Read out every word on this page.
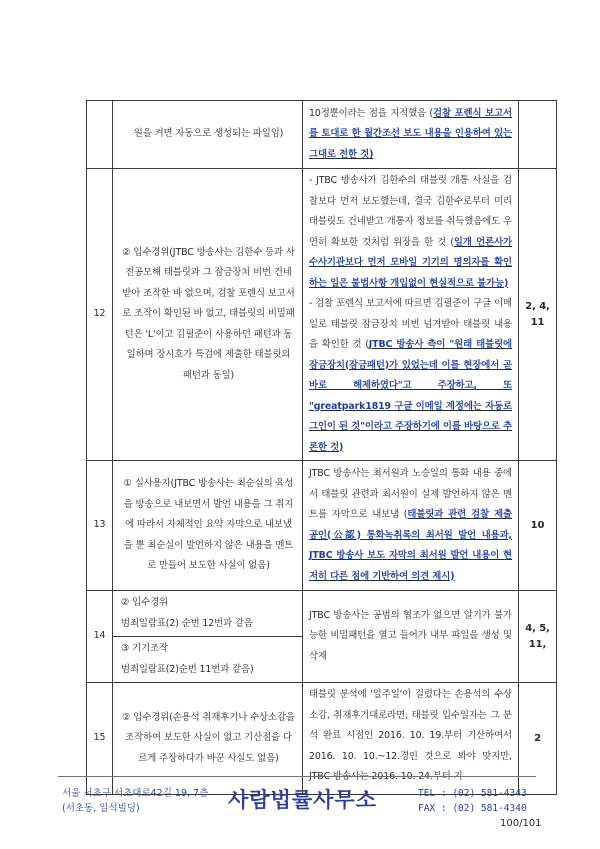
	원을 켜면 자동으로 생성되는 파일임)	10정뿐이라는 점을 지적했음 (검찰 포렌식 보고서를 토대로 한 월간조선 보도 내용을 인용하여 있는 그대로 전한 것)	
12	② 입수경위(JTBC 방송사는 김한수 등과 사전공모해 태블릿과 그 잠금장치 비번 건네받아 조작한 바 없으며, 검찰 포렌식 보고서로 조작이 확인된 바 없고, 태블릿의 비밀패턴은 'L'이고 김필준이 사용하던 패턴과 동일하며 장시호가 특검에 제출한 태블릿의 패턴과 동일)	- JTBC 방송사가 김한수의 태블릿 개통 사실을 검찰보다 먼저 보도했는데, 결국 김한수로부터 미리 태블릿도 건네받고 개통자 정보를 취득했음에도 우연히 확보한 것처럼 위장을 한 것 (일개 언론사가 수사기관보다 먼저 모바일 기기의 명의자를 확인하는 일은 불법사항 개입없이 현실적으로 불가능)
- 검찰 포렌식 보고서에 따르면 김필준이 구글 이메일로 태블릿 잠금장치 비번 넘겨받아 태블릿 내용을 확인한 것 (JTBC 방송사 측이 "원래 태블릿에 잠금장치(잠금패턴)가 있었는데 이를 현장에서 곧바로 해제하였다"고 주장하고, 또 "greatpark1819 구글 이메일 계정에는 자동로그인이 된 것"이라고 주장하기에 이를 바탕으로 추론한 것)	2, 4, 11
13	① 실사용자(JTBC 방송사는 최순실의 육성을 방송으로 내보면서 발언 내용을 그 취지에 따라서 자체적인 요약 자막으로 내보냈을 뿐 최순실이 발언하지 않은 내용을 멘트로 만들어 보도한 사실이 없음)	JTBC 방송사는 최서원과 노승일의 통화 내용 중에서 태블릿 관련과 최서원이 실제 발언하지 않은 멘트를 자막으로 내보냄 (태블릿과 관련 검찰 제출 공인(公認) 통화녹취록의 최서원 발언 내용과, JTBC 방송사 보도 자막의 최서원 발언 내용이 현저히 다른 점에 기반하여 의견 제시)	10
14	② 입수경위
범죄일람표(2) 순번 12번과 같음
③ 기기조작
범죄일람표(2)순번 11번과 같음)	JTBC 방송사는 공범의 협조가 없으면 알기가 불가능한 비밀패턴을 열고 들어가 내부 파일을 생성 및 삭제	4, 5, 11,
15	② 입수경위(손용석 취재후기나 수상소감을 조작하여 보도한 사실이 없고 기산점을 다르게 주장하다가 바꾼 사실도 없음)	태블릿 분석에 '일주일'이 걸렸다는 손용석의 수상소감, 취재후기대로라면, 태블릿 입수일자는 그 분석 완료 시점인 2016. 10. 19.부터 기산하여서 2016. 10. 10.~12.경인 것으로 봐야 맞지만,	2
서울 서초구 서초대로42길 19, 7층
(서초동, 일석빌딩)	사람법률사무소	TEL : (02) 581-4343
FAX : (02) 581-4340
100/101
